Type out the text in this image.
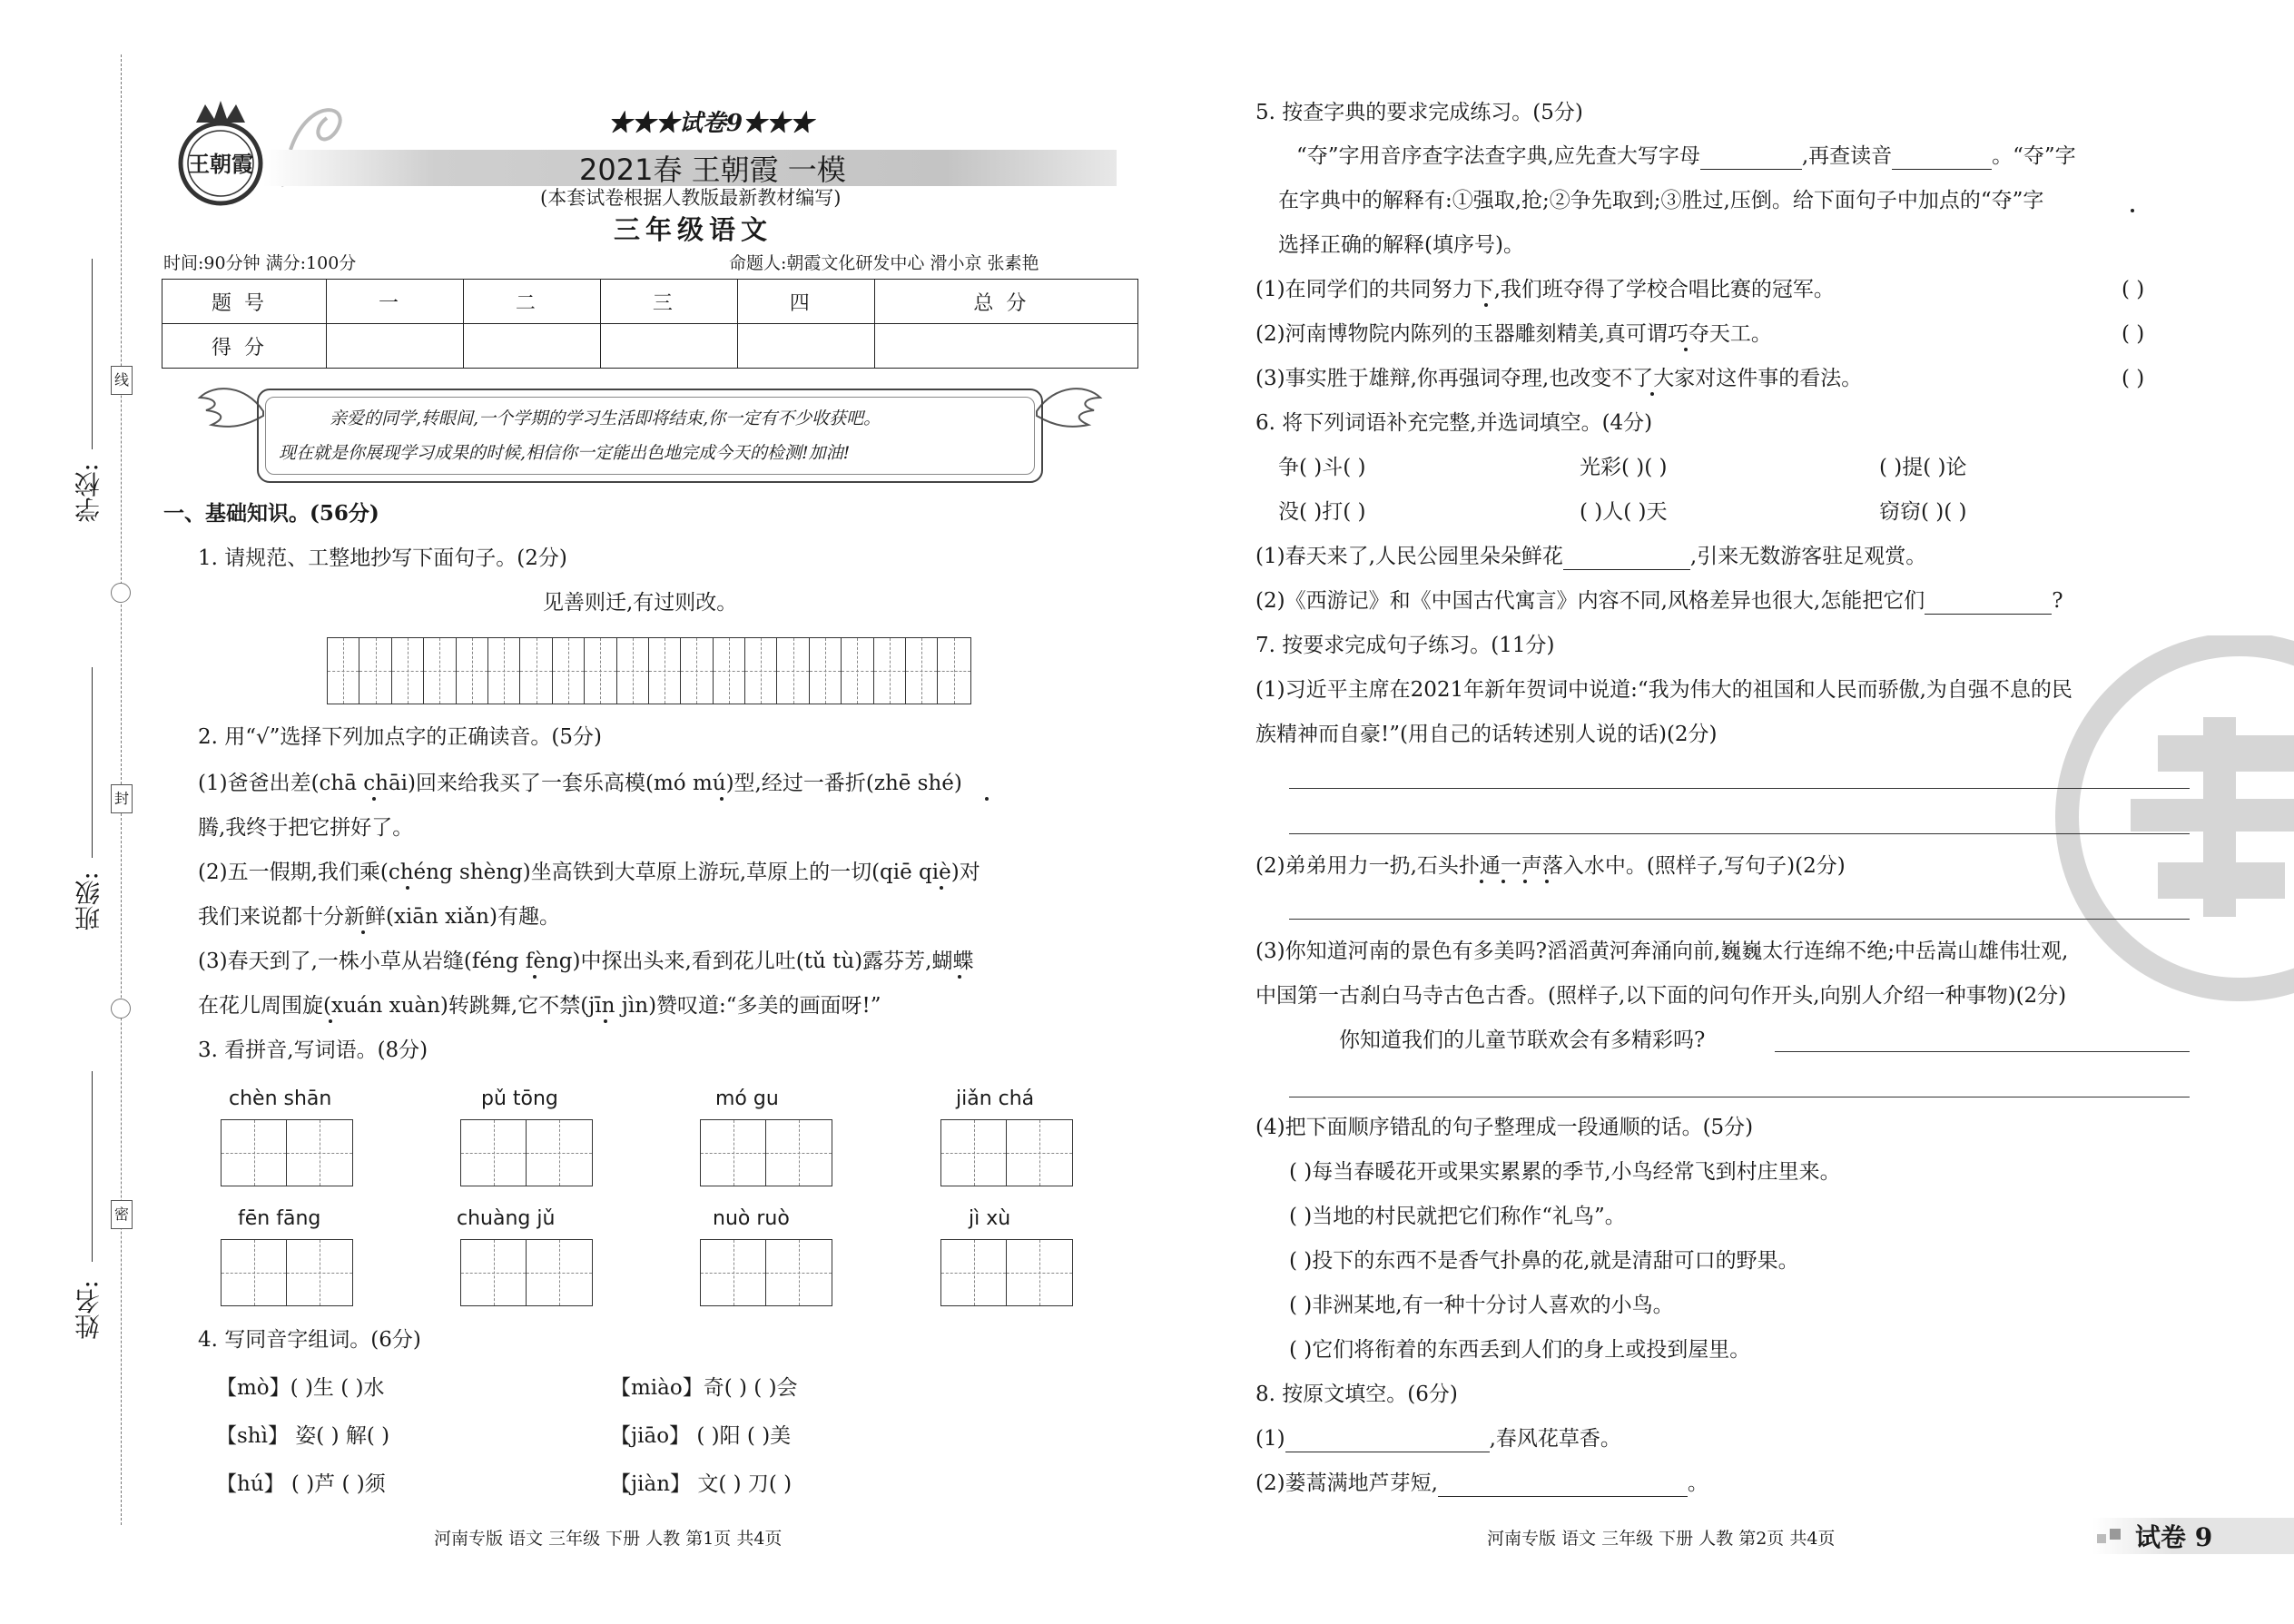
线
封
密
学校:
班级:
姓名:
王朝霞
★★★试卷9★★★
2021春 王朝霞 一模
(本套试卷根据人教版最新教材编写)
三年级语文
时间:90分钟 满分:100分	命题人:朝霞文化研发中心 滑小京 张素艳
题号	一	二	三	四	总分
得分					
亲爱的同学,转眼间,一个学期的学习生活即将结束,你一定有不少收获吧。
现在就是你展现学习成果的时候,相信你一定能出色地完成今天的检测!加油!
一、基础知识。(56分)
1. 请规范、工整地抄写下面句子。(2分)
见善则迁,有过则改。
2. 用“√”选择下列加点字的正确读音。(5分)
(1)爸爸出差(chā chāi)回来给我买了一套乐高模(mó mú)型,经过一番折(zhē shé)
腾,我终于把它拼好了。
(2)五一假期,我们乘(chéng shèng)坐高铁到大草原上游玩,草原上的一切(qiē qiè)对
我们来说都十分新鲜(xiān xiǎn)有趣。
(3)春天到了,一株小草从岩缝(féng fèng)中探出头来,看到花儿吐(tǔ tù)露芬芳,蝴蝶
在花儿周围旋(xuán xuàn)转跳舞,它不禁(jīn jìn)赞叹道:“多美的画面呀!”
3. 看拼音,写词语。(8分)
chèn shān	pǔ tōng	mó gu	jiǎn chá
fēn fāng	chuàng jǔ	nuò ruò	jì xù
4. 写同音字组词。(6分)
【mò】( )生 ( )水	【miào】奇( ) ( )会
【shì】 姿( ) 解( )	【jiāo】 ( )阳 ( )美
【hú】 ( )芦 ( )须	【jiàn】 文( ) 刀( )
河南专版 语文 三年级 下册 人教 第1页 共4页
5. 按查字典的要求完成练习。(5分)
“夺”字用音序查字法查字典,应先查大写字母	,再查读音	。“夺”字
在字典中的解释有:①强取,抢;②争先取到;③胜过,压倒。给下面句子中加点的“夺”字
选择正确的解释(填序号)。
(1)在同学们的共同努力下,我们班夺得了学校合唱比赛的冠军。
(2)河南博物院内陈列的玉器雕刻精美,真可谓巧夺天工。
(3)事实胜于雄辩,你再强词夺理,也改变不了大家对这件事的看法。
( )
( )
( )
6. 将下列词语补充完整,并选词填空。(4分)
争( )斗( )	光彩( )( )	( )提( )论
没( )打( )	( )人( )天	窃窃( )( )
(1)春天来了,人民公园里朵朵鲜花	,引来无数游客驻足观赏。
(2)《西游记》和《中国古代寓言》内容不同,风格差异也很大,怎能把它们	?
7. 按要求完成句子练习。(11分)
(1)习近平主席在2021年新年贺词中说道:“我为伟大的祖国和人民而骄傲,为自强不息的民
族精神而自豪!”(用自己的话转述别人说的话)(2分)
(2)弟弟用力一扔,石头扑通一声落入水中。(照样子,写句子)(2分)
(3)你知道河南的景色有多美吗?滔滔黄河奔涌向前,巍巍太行连绵不绝;中岳嵩山雄伟壮观,
中国第一古刹白马寺古色古香。(照样子,以下面的问句作开头,向别人介绍一种事物)(2分)
你知道我们的儿童节联欢会有多精彩吗?
(4)把下面顺序错乱的句子整理成一段通顺的话。(5分)
( )每当春暖花开或果实累累的季节,小鸟经常飞到村庄里来。
( )当地的村民就把它们称作“礼鸟”。
( )投下的东西不是香气扑鼻的花,就是清甜可口的野果。
( )非洲某地,有一种十分讨人喜欢的小鸟。
( )它们将衔着的东西丢到人们的身上或投到屋里。
8. 按原文填空。(6分)
(1)	,春风花草香。
(2)蒌蒿满地芦芽短,	。
河南专版 语文 三年级 下册 人教 第2页 共4页	试卷 9
